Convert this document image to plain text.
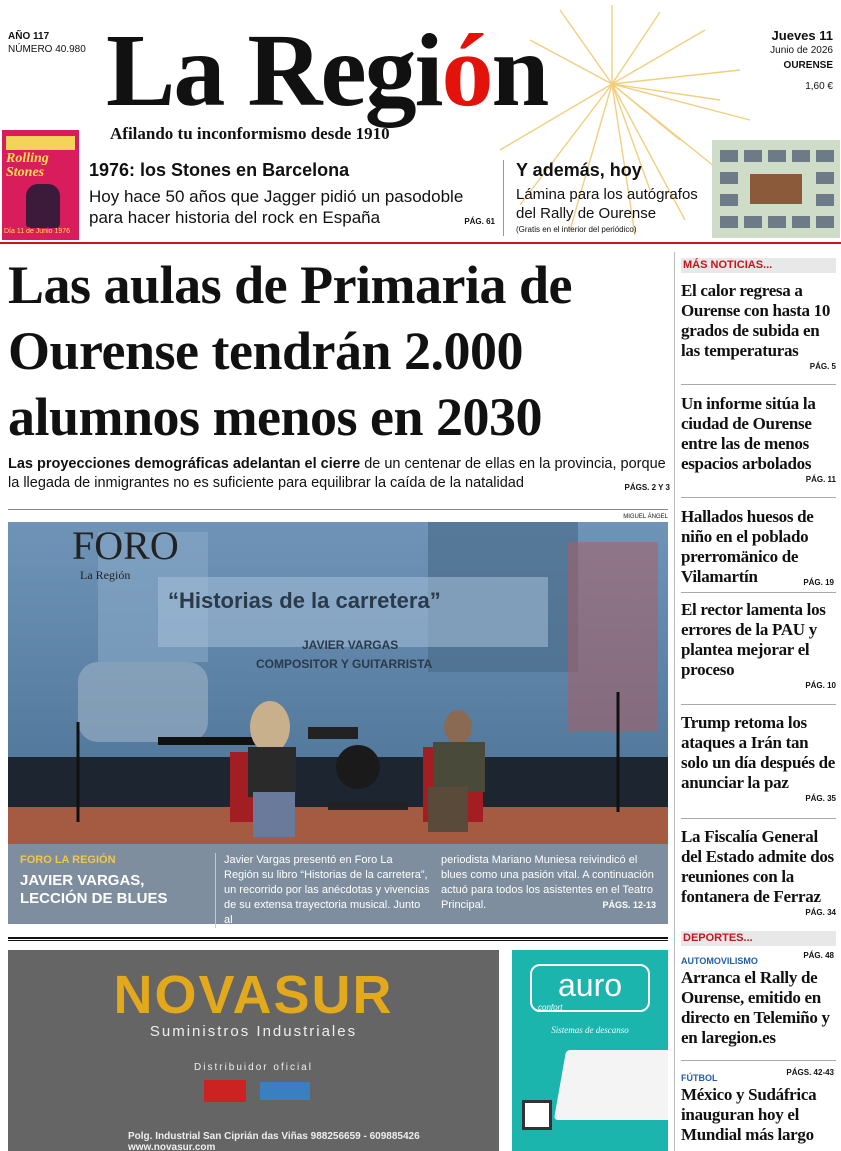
AÑO 117
NÚMERO 40.980 La Región
Afilando tu inconformismo desde 1910
Jueves 11
Junio de 2026
OURENSE
1,60 €
Rolling Stones
Día 11 de Junio 1976
1976: los Stones en Barcelona
Hoy hace 50 años que Jagger pidió un pasodoble para hacer historia del rock en España	PÁG. 61
Y además, hoy
Lámina para los autógrafos del Rally de Ourense
(Gratis en el interior del periódico)
Las aulas de Primaria de Ourense tendrán 2.000 alumnos menos en 2030
Las proyecciones demográficas adelantan el cierre de un centenar de ellas en la provincia, porque la llegada de inmigrantes no es suficiente para equilibrar la caída de la natalidad	PÁGS. 2 Y 3
MIGUEL ÁNGEL
FORO
La Región
“Historias de la carretera”
JAVIER VARGAS
COMPOSITOR Y GUITARRISTA
FORO LA REGIÓN
JAVIER VARGAS, LECCIÓN DE BLUES
Javier Vargas presentó en Foro La Región su libro “Historias de la carretera”, un recorrido por las anécdotas y vivencias de su extensa trayectoria musical. Junto al
periodista Mariano Muniesa reivindicó el blues como una pasión vital. A continuación actuó para todos los asistentes en el Teatro Principal.	PÁGS. 12-13
NOVASUR
Suministros Industriales
Distribuidor oficial
Polg. Industrial San Ciprián das Viñas 988256659 - 609885426 www.novasur.com
auro
confort
Sistemas de descanso
MÁS NOTICIAS...
El calor regresa a Ourense con hasta 10 grados de subida en las temperaturas
PÁG. 5
Un informe sitúa la ciudad de Ourense entre las de menos espacios arbolados
PÁG. 11
Hallados huesos de niño en el poblado prerromänico de Vilamartín	PÁG. 19
El rector lamenta los errores de la PAU y plantea mejorar el proceso
PÁG. 10
Trump retoma los ataques a Irán tan solo un día después de anunciar la paz
PÁG. 35
La Fiscalía General del Estado admite dos reuniones con la fontanera de Ferraz
PÁG. 34
DEPORTES...
AUTOMOVILISMO
PÁG. 48
Arranca el Rally de Ourense, emitido en directo en Telemiño y en laregion.es
FÚTBOL
PÁGS. 42-43
México y Sudáfrica inauguran hoy el Mundial más largo
